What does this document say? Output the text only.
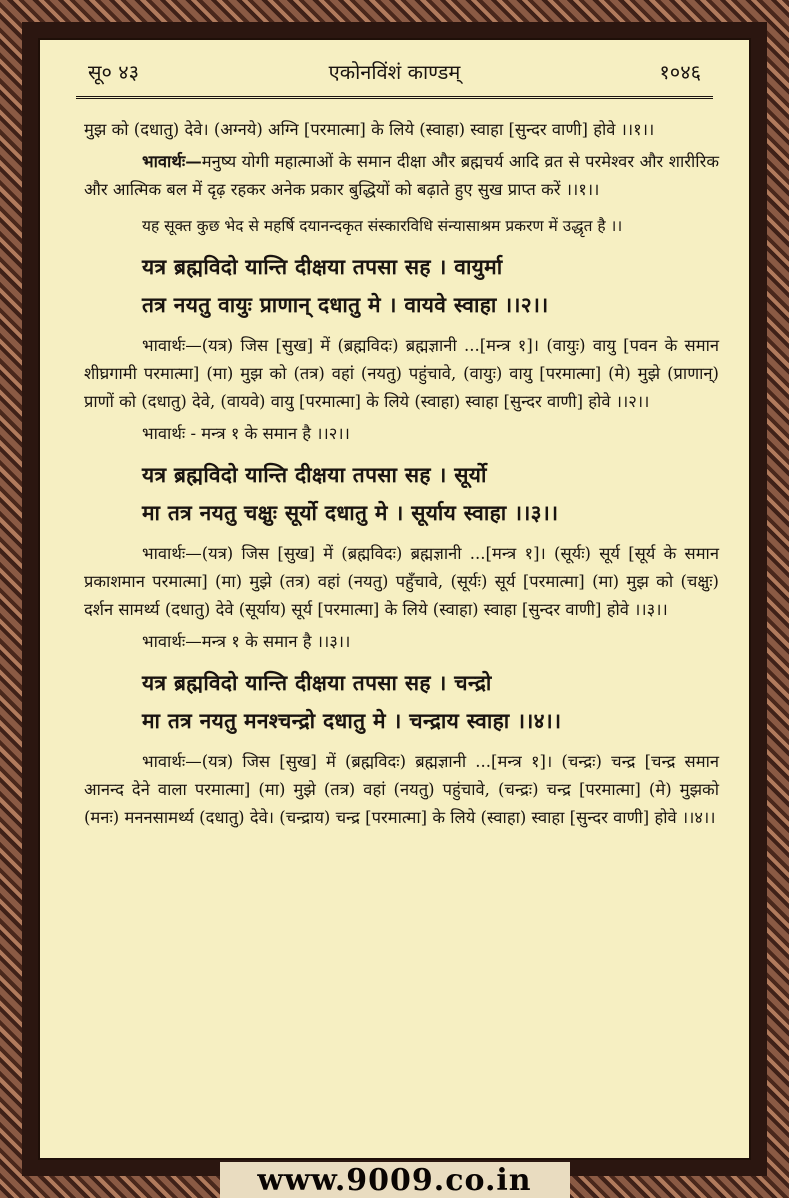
सू० ४३	एकोनविंशं काण्डम्	१०४६

मुझ को (दधातु) देवे। (अग्नये) अग्नि [परमात्मा] के लिये (स्वाहा) स्वाहा [सुन्दर वाणी] होवे ।।१।।

भावार्थः—मनुष्य योगी महात्माओं के समान दीक्षा और ब्रह्मचर्य आदि व्रत से परमेश्वर और शारीरिक और आत्मिक बल में दृढ़ रहकर अनेक प्रकार बुद्धियों को बढ़ाते हुए सुख प्राप्त करें ।।१।।

यह सूक्त कुछ भेद से महर्षि दयानन्दकृत संस्कारविधि संन्यासाश्रम प्रकरण में उद्धृत है ।।

यत्र ब्रह्मविदो यान्ति दीक्षया तपसा सह । वायुर्मा
तत्र नयतु वायुः प्राणान् दधातु मे । वायवे स्वाहा ।।२।।

भावार्थः—(यत्र) जिस [सुख] में (ब्रह्मविदः) ब्रह्मज्ञानी ...[मन्त्र १]। (वायुः) वायु [पवन के समान शीघ्रगामी परमात्मा] (मा) मुझ को (तत्र) वहां (नयतु) पहुंचावे, (वायुः) वायु [परमात्मा] (मे) मुझे (प्राणान्) प्राणों को (दधातु) देवे, (वायवे) वायु [परमात्मा] के लिये (स्वाहा) स्वाहा [सुन्दर वाणी] होवे ।।२।।

भावार्थः - मन्त्र १ के समान है ।।२।।

यत्र ब्रह्मविदो यान्ति दीक्षया तपसा सह । सूर्यो
मा तत्र नयतु चक्षुः सूर्यो दधातु मे । सूर्याय स्वाहा ।।३।।

भावार्थः—(यत्र) जिस [सुख] में (ब्रह्मविदः) ब्रह्मज्ञानी ...[मन्त्र १]। (सूर्यः) सूर्य [सूर्य के समान प्रकाशमान परमात्मा] (मा) मुझे (तत्र) वहां (नयतु) पहुँचावे, (सूर्यः) सूर्य [परमात्मा] (मा) मुझ को (चक्षुः) दर्शन सामर्थ्य (दधातु) देवे (सूर्याय) सूर्य [परमात्मा] के लिये (स्वाहा) स्वाहा [सुन्दर वाणी] होवे ।।३।।

भावार्थः—मन्त्र १ के समान है ।।३।।

यत्र ब्रह्मविदो यान्ति दीक्षया तपसा सह । चन्द्रो
मा तत्र नयतु मनश्चन्द्रो दधातु मे । चन्द्राय स्वाहा ।।४।।

भावार्थः—(यत्र) जिस [सुख] में (ब्रह्मविदः) ब्रह्मज्ञानी ...[मन्त्र १]। (चन्द्रः) चन्द्र [चन्द्र समान आनन्द देने वाला परमात्मा] (मा) मुझे (तत्र) वहां (नयतु) पहुंचावे, (चन्द्रः) चन्द्र [परमात्मा] (मे) मुझको (मनः) मननसामर्थ्य (दधातु) देवे। (चन्द्राय) चन्द्र [परमात्मा] के लिये (स्वाहा) स्वाहा [सुन्दर वाणी] होवे ।।४।।

www.9009.co.in
